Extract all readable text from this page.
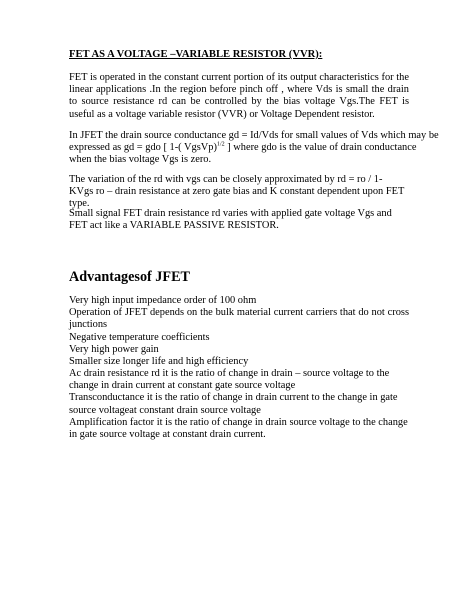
FET AS A VOLTAGE –VARIABLE RESISTOR (VVR):

FET is operated in the constant current portion of its output characteristics for the linear applications .In the region before pinch off , where Vds is small the drain to source resistance rd can be controlled by the bias voltage Vgs.The FET is useful as a voltage variable resistor (VVR) or Voltage Dependent resistor.

In JFET the drain source conductance gd = Id/Vds for small values of Vds which may be
expressed as gd = gdo [ 1-( VgsVp)$^{1/2}$ ] where gdo is the value of drain conductance
when the bias voltage Vgs is zero.

The variation of the rd with vgs can be closely approximated by rd = ro / 1- KVgs ro – drain resistance at zero gate bias and K constant dependent upon FET type.

Small signal FET drain resistance rd varies with applied gate voltage Vgs and FET act like a VARIABLE PASSIVE RESISTOR.

Advantagesof JFET

Very high input impedance order of 100 ohm
Operation of JFET depends on the bulk material current carriers that do not cross junctions
Negative temperature coefficients
Very high power gain
Smaller size longer life and high efficiency
Ac drain resistance rd it is the ratio of change in drain – source voltage to the change in drain current at constant gate source voltage
Transconductance it is the ratio of change in drain current to the change in gate source voltageat constant drain source voltage
Amplification factor it is the ratio of change in drain source voltage to the change in gate source voltage at constant drain current.
